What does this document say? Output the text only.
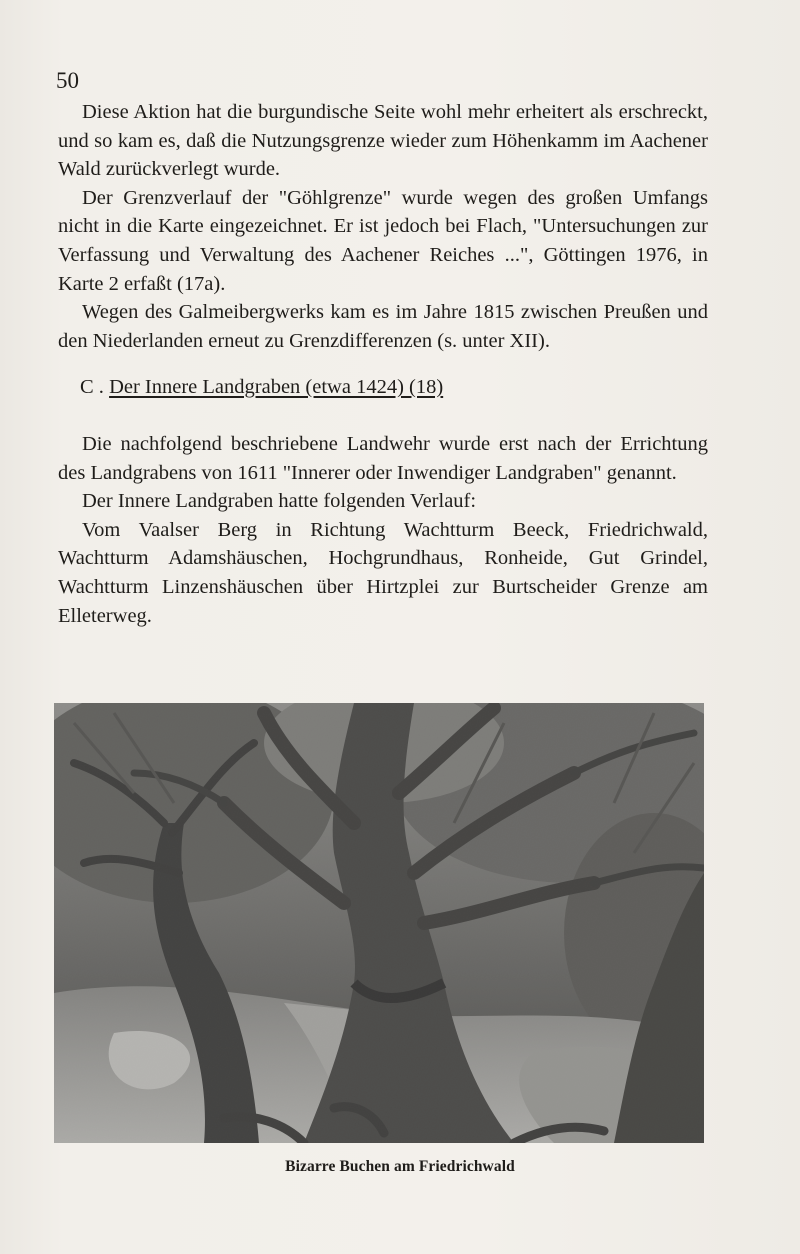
50

Diese Aktion hat die burgundische Seite wohl mehr erheitert als erschreckt, und so kam es, daß die Nutzungsgrenze wieder zum Höhenkamm im Aachener Wald zurückverlegt wurde.

Der Grenzverlauf der "Göhlgrenze" wurde wegen des großen Umfangs nicht in die Karte eingezeichnet. Er ist jedoch bei Flach, "Untersuchungen zur Verfassung und Verwaltung des Aachener Reiches ...", Göttingen 1976, in Karte 2 erfaßt (17a).

Wegen des Galmeibergwerks kam es im Jahre 1815 zwischen Preußen und den Niederlanden erneut zu Grenzdifferenzen (s. unter XII).

C . Der Innere Landgraben (etwa 1424) (18)

Die nachfolgend beschriebene Landwehr wurde erst nach der Errichtung des Landgrabens von 1611 "Innerer oder Inwendiger Landgraben" genannt.

Der Innere Landgraben hatte folgenden Verlauf:

Vom Vaalser Berg in Richtung Wachtturm Beeck, Friedrichwald, Wachtturm Adamshäuschen, Hochgrundhaus, Ronheide, Gut Grindel, Wachtturm Linzenshäuschen über Hirtzplei zur Burtscheider Grenze am Elleterweg.

Bizarre Buchen am Friedrichwald
